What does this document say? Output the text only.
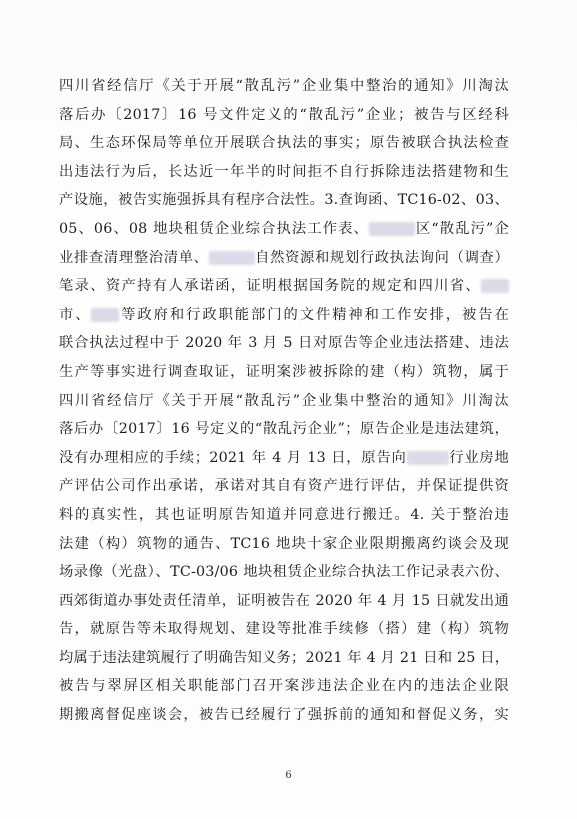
四川省经信厅《关于开展“散乱污”企业集中整治的通知》川淘汰
落后办〔2017〕16 号文件定义的“散乱污”企业；被告与区经科
局、生态环保局等单位开展联合执法的事实；原告被联合执法检查
出违法行为后，长达近一年半的时间拒不自行拆除违法搭建物和生
产设施，被告实施强拆具有程序合法性。3.查询函、TC16-02、03、
05、06、08 地块租赁企业综合执法工作表、	区“散乱污”企
业排查清理整治清单、	自然资源和规划行政执法询问（调查）
笔录、资产持有人承诺函，证明根据国务院的规定和四川省、
市、 等政府和行政职能部门的文件精神和工作安排，被告在
联合执法过程中于 2020 年 3 月 5 日对原告等企业违法搭建、违法
生产等事实进行调查取证，证明案涉被拆除的建（构）筑物，属于
四川省经信厅《关于开展“散乱污”企业集中整治的通知》川淘汰
落后办〔2017〕16 号定义的“散乱污企业”；原告企业是违法建筑，
没有办理相应的手续；2021 年 4 月 13 日，原告向	行业房地
产评估公司作出承诺，承诺对其自有资产进行评估，并保证提供资
料的真实性，其也证明原告知道并同意进行搬迁。4. 关于整治违
法建（构）筑物的通告、TC16 地块十家企业限期搬离约谈会及现
场录像（光盘）、TC-03/06 地块租赁企业综合执法工作记录表六份、
西郊街道办事处责任清单，证明被告在 2020 年 4 月 15 日就发出通
告，就原告等未取得规划、建设等批准手续修（搭）建（构）筑物
均属于违法建筑履行了明确告知义务；2021 年 4 月 21 日和 25 日，
被告与翠屏区相关职能部门召开案涉违法企业在内的违法企业限
期搬离督促座谈会，被告已经履行了强拆前的通知和督促义务，实
6
